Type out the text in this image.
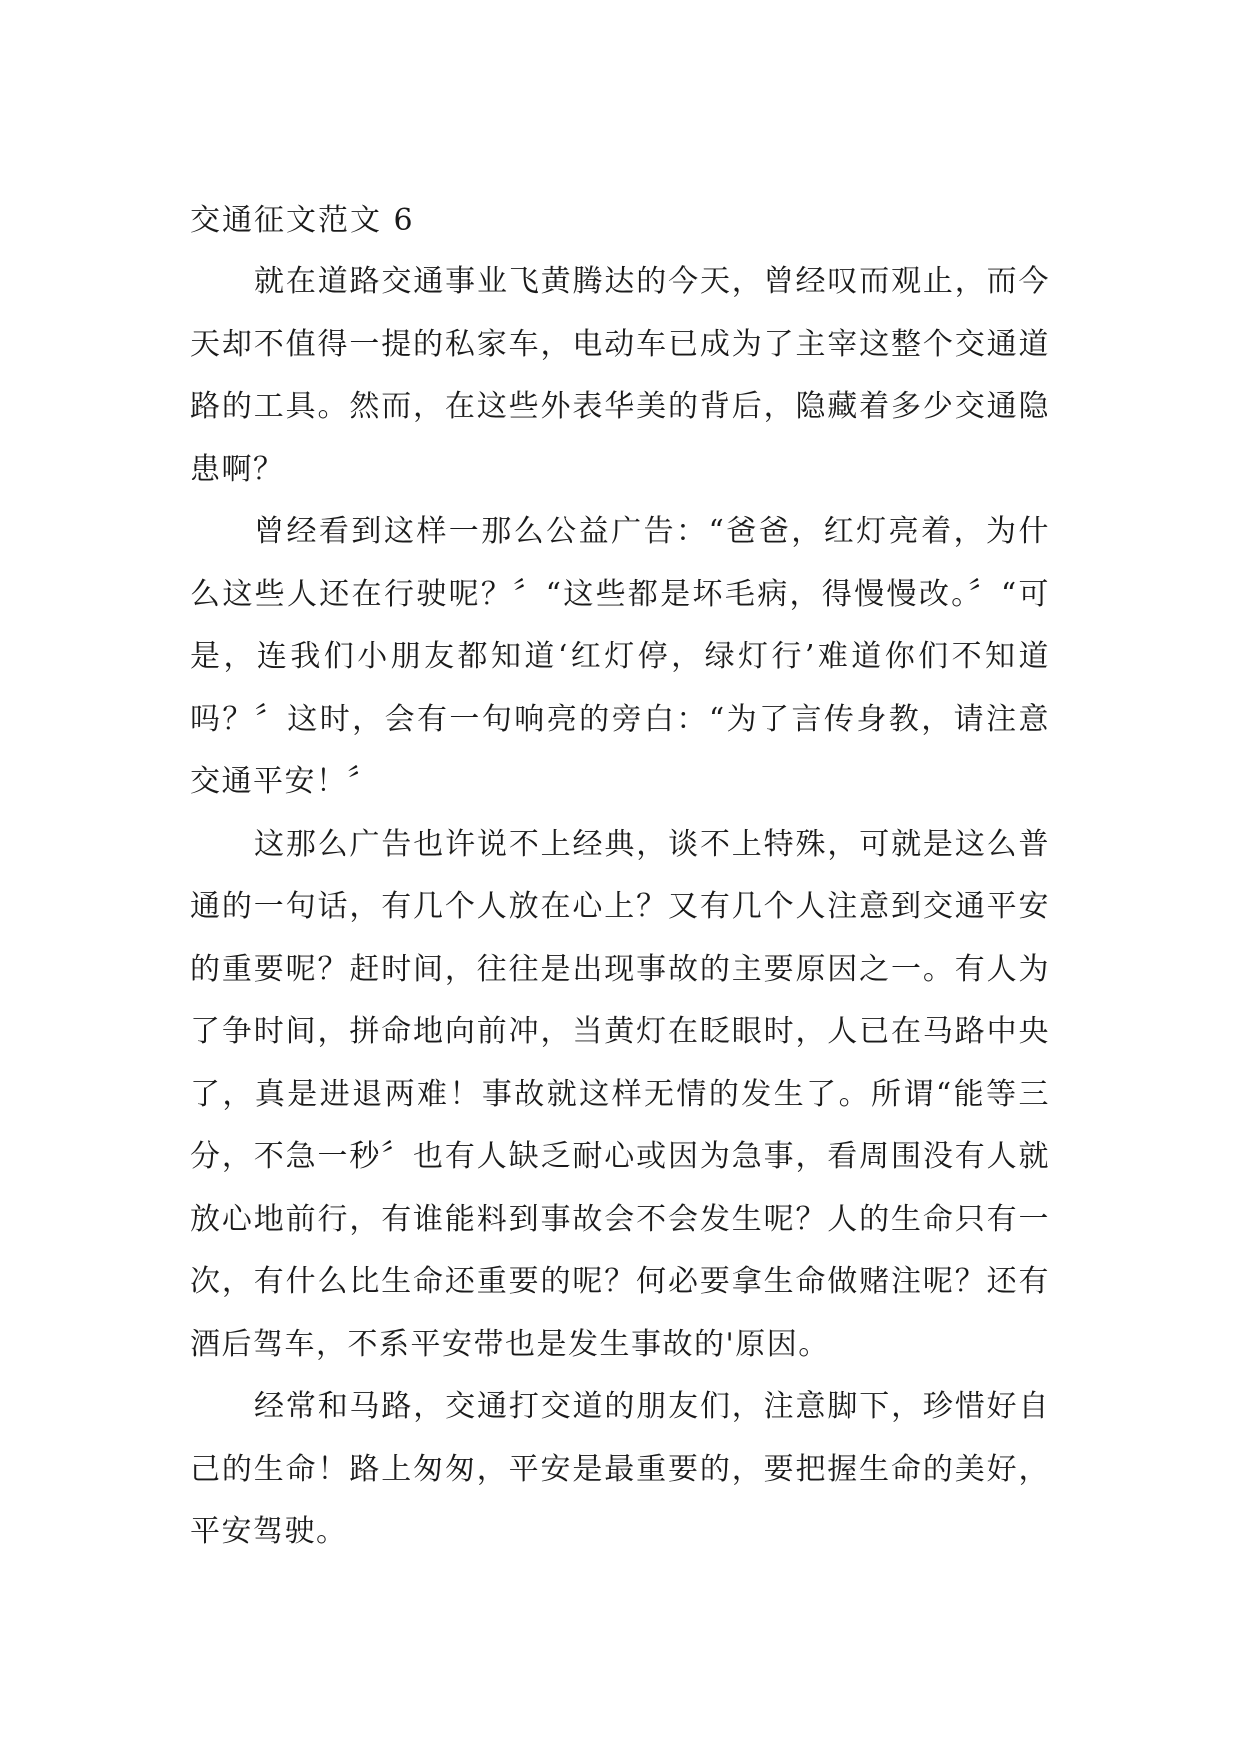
交通征文范文 6

就在道路交通事业飞黄腾达的今天，曾经叹而观止，而今天却不值得一提的私家车，电动车已成为了主宰这整个交通道路的工具。然而，在这些外表华美的背后，隐藏着多少交通隐患啊？

曾经看到这样一那么公益广告：“爸爸，红灯亮着，为什么这些人还在行驶呢？〞“这些都是坏毛病，得慢慢改。〞“可是，连我们小朋友都知道‘红灯停，绿灯行’难道你们不知道吗？〞这时，会有一句响亮的旁白：“为了言传身教，请注意交通平安！〞

这那么广告也许说不上经典，谈不上特殊，可就是这么普通的一句话，有几个人放在心上？又有几个人注意到交通平安的重要呢？赶时间，往往是出现事故的主要原因之一。有人为了争时间，拼命地向前冲，当黄灯在眨眼时，人已在马路中央了，真是进退两难！事故就这样无情的发生了。所谓“能等三分，不急一秒〞也有人缺乏耐心或因为急事，看周围没有人就放心地前行，有谁能料到事故会不会发生呢？人的生命只有一次，有什么比生命还重要的呢？何必要拿生命做赌注呢？还有酒后驾车，不系平安带也是发生事故的'原因。

经常和马路，交通打交道的朋友们，注意脚下，珍惜好自己的生命！路上匆匆，平安是最重要的，要把握生命的美好，平安驾驶。
